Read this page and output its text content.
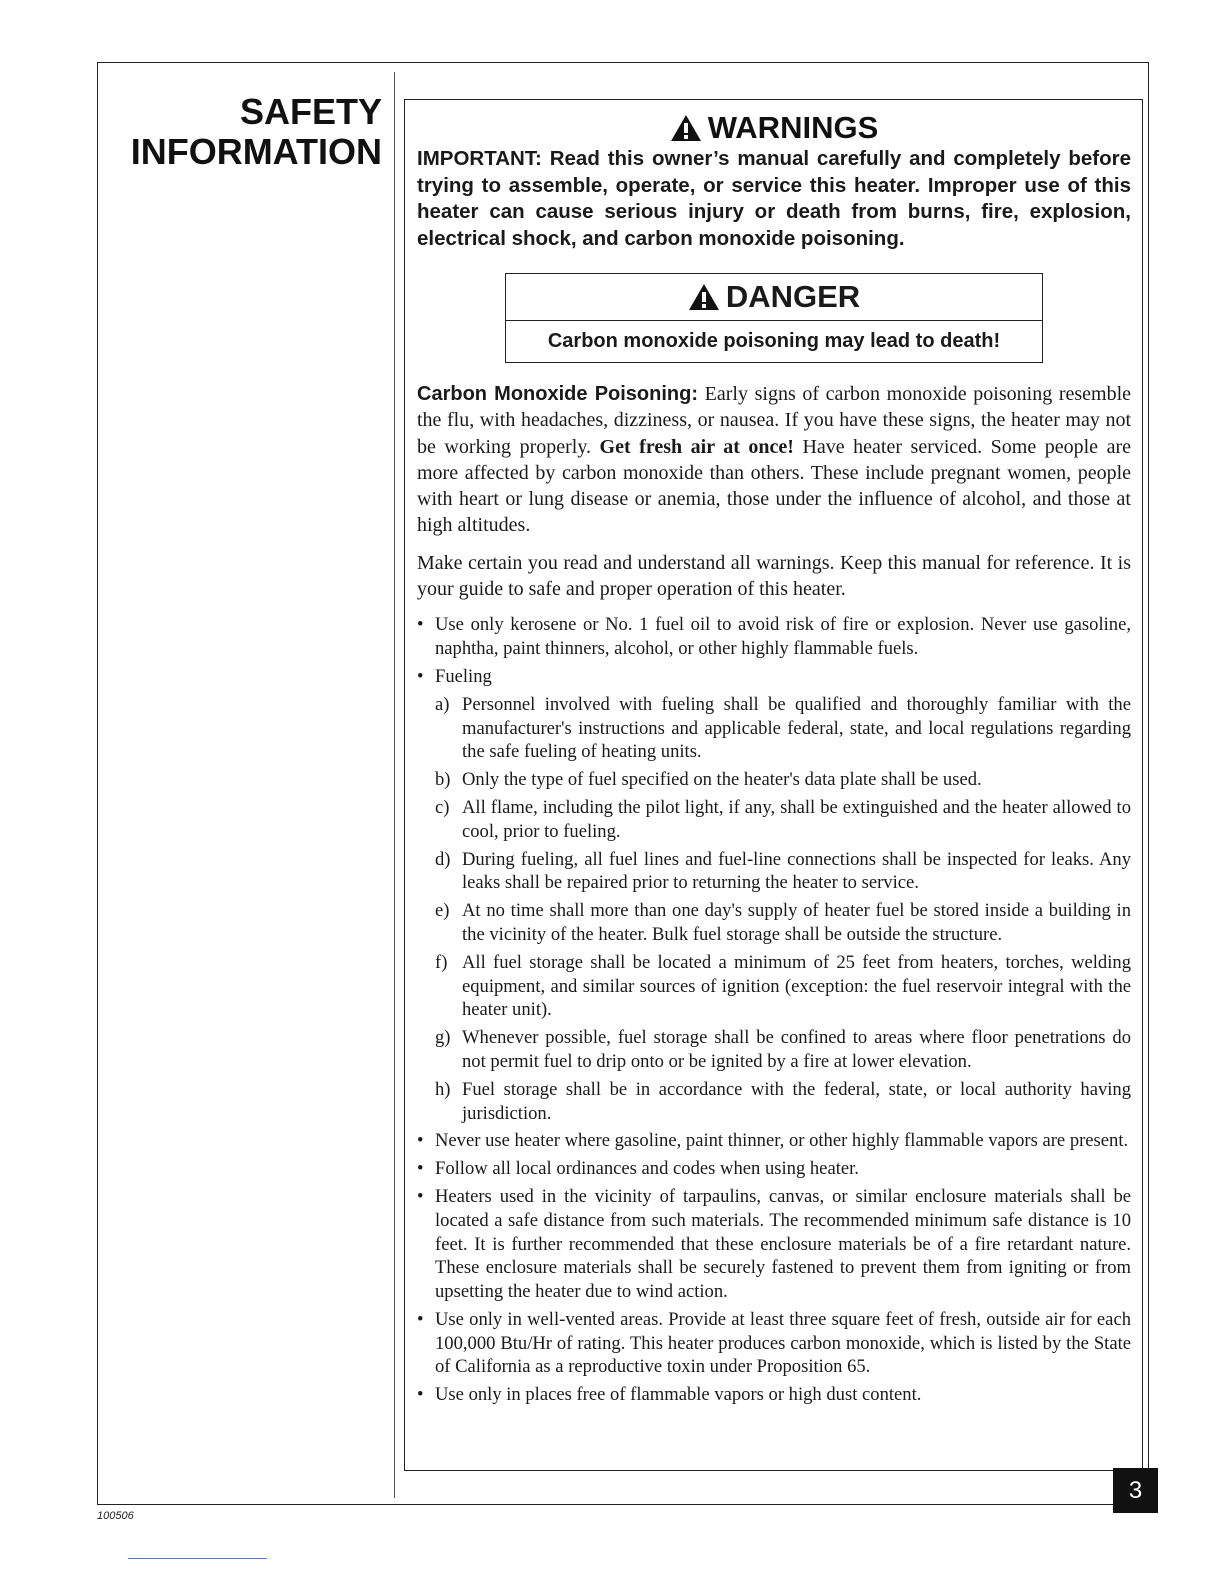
SAFETY
INFORMATION
WARNINGS

IMPORTANT: Read this owner’s manual carefully and completely before trying to assemble, operate, or service this heater. Improper use of this heater can cause serious injury or death from burns, fire, explosion, electrical shock, and carbon monoxide poisoning.

DANGER
Carbon monoxide poisoning may lead to death!

Carbon Monoxide Poisoning: Early signs of carbon monoxide poisoning resemble the flu, with headaches, dizziness, or nausea. If you have these signs, the heater may not be working properly. Get fresh air at once! Have heater serviced. Some people are more affected by carbon monoxide than others. These include pregnant women, people with heart or lung disease or anemia, those under the influence of alcohol, and those at high altitudes.

Make certain you read and understand all warnings. Keep this manual for reference. It is your guide to safe and proper operation of this heater.

• Use only kerosene or No. 1 fuel oil to avoid risk of fire or explosion. Never use gasoline, naphtha, paint thinners, alcohol, or other highly flammable fuels.
• Fueling
a) Personnel involved with fueling shall be qualified and thoroughly familiar with the manufacturer's instructions and applicable federal, state, and local regulations regarding the safe fueling of heating units.
b) Only the type of fuel specified on the heater's data plate shall be used.
c) All flame, including the pilot light, if any, shall be extinguished and the heater allowed to cool, prior to fueling.
d) During fueling, all fuel lines and fuel-line connections shall be inspected for leaks. Any leaks shall be repaired prior to returning the heater to service.
e) At no time shall more than one day's supply of heater fuel be stored inside a building in the vicinity of the heater. Bulk fuel storage shall be outside the structure.
f) All fuel storage shall be located a minimum of 25 feet from heaters, torches, welding equipment, and similar sources of ignition (exception: the fuel reservoir integral with the heater unit).
g) Whenever possible, fuel storage shall be confined to areas where floor penetrations do not permit fuel to drip onto or be ignited by a fire at lower elevation.
h) Fuel storage shall be in accordance with the federal, state, or local authority having jurisdiction.
• Never use heater where gasoline, paint thinner, or other highly flammable vapors are present.
• Follow all local ordinances and codes when using heater.
• Heaters used in the vicinity of tarpaulins, canvas, or similar enclosure materials shall be located a safe distance from such materials. The recommended minimum safe distance is 10 feet. It is further recommended that these enclosure materials be of a fire retardant nature. These enclosure materials shall be securely fastened to prevent them from igniting or from upsetting the heater due to wind action.
• Use only in well-vented areas. Provide at least three square feet of fresh, outside air for each 100,000 Btu/Hr of rating. This heater produces carbon monoxide, which is listed by the State of California as a reproductive toxin under Proposition 65.
• Use only in places free of flammable vapors or high dust content.
3
100506
